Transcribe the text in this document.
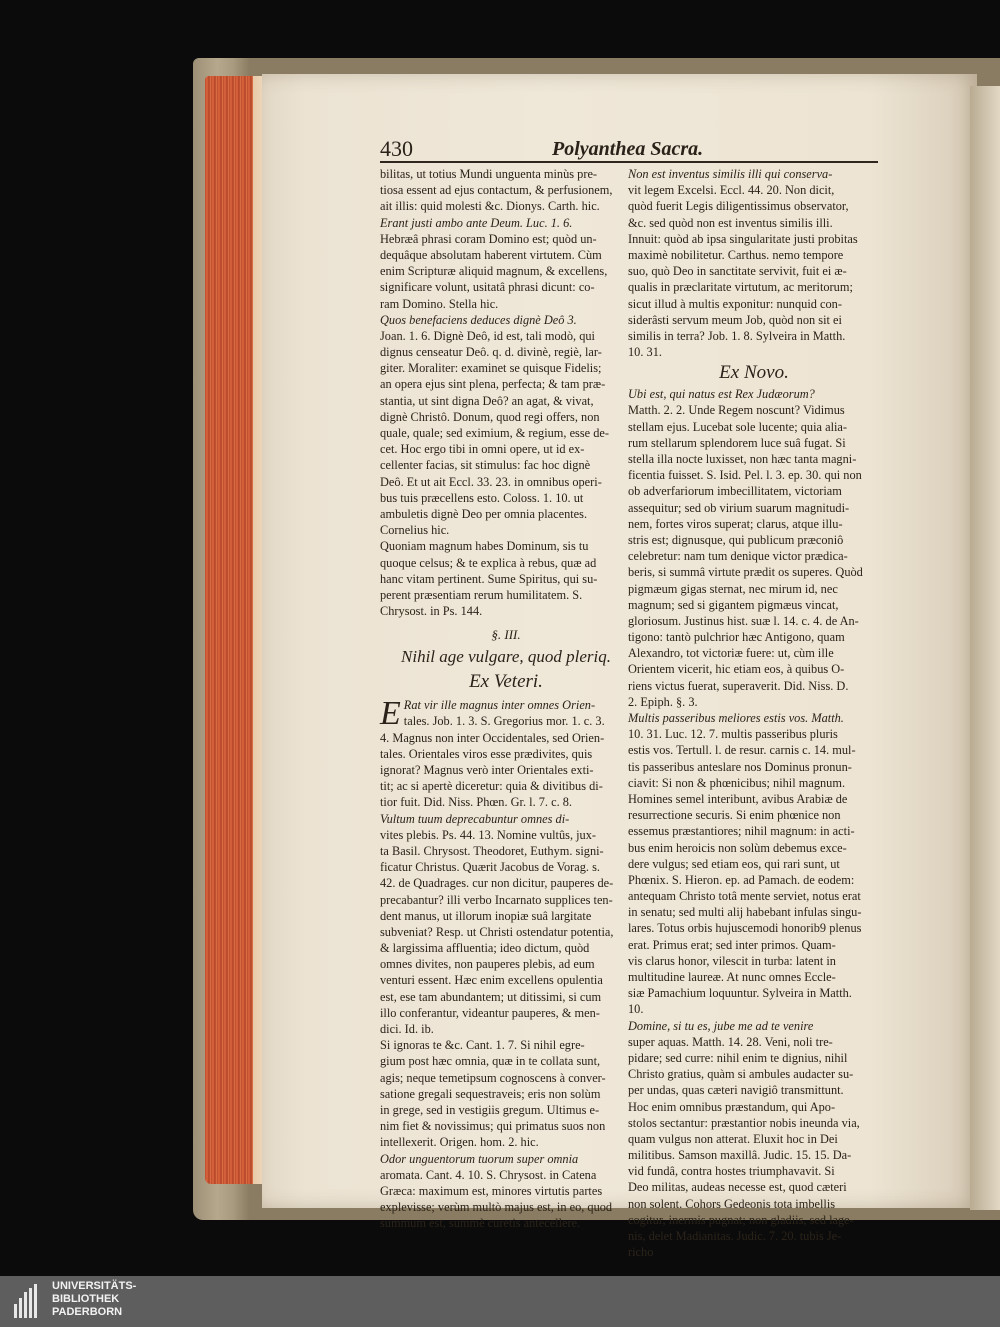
430	Polyanthea Sacra.
bilitas, ut totius Mundi unguenta minùs pre-
tiosa essent ad ejus contactum, & perfusionem,
ait illis: quid molesti &c. Dionys. Carth. hic.
Erant justi ambo ante Deum. Luc. 1. 6.
Hebræâ phrasi coram Domino est; quòd un-
dequâque absolutam haberent virtutem. Cùm
enim Scripturæ aliquid magnum, & excellens,
significare volunt, usitatâ phrasi dicunt: co-
ram Domino. Stella hic.
Quos benefaciens deduces dignè Deô 3.
Joan. 1. 6. Dignè Deô, id est, tali modò, qui
dignus censeatur Deô. q. d. divinè, regiè, lar-
giter. Moraliter: examinet se quisque Fidelis;
an opera ejus sint plena, perfecta; & tam præ-
stantia, ut sint digna Deô? an agat, & vivat,
dignè Christô. Donum, quod regi offers, non
quale, quale; sed eximium, & regium, esse de-
cet. Hoc ergo tibi in omni opere, ut id ex-
cellenter facias, sit stimulus: fac hoc dignè
Deô. Et ut ait Eccl. 33. 23. in omnibus operi-
bus tuis præcellens esto. Coloss. 1. 10. ut
ambuletis dignè Deo per omnia placentes.
Cornelius hic.
Quoniam magnum habes Dominum, sis tu
quoque celsus; & te explica à rebus, quæ ad
hanc vitam pertinent. Sume Spiritus, qui su-
perent præsentiam rerum humilitatem. S.
Chrysost. in Ps. 144.
§. III.
Nihil age vulgare, quod pleriq.
Ex Veteri.
E Rat vir ille magnus inter omnes Orien-
tales. Job. 1. 3. S. Gregorius mor. 1. c. 3.
4. Magnus non inter Occidentales, sed Orien-
tales. Orientales viros esse prædivites, quis
ignorat? Magnus verò inter Orientales exti-
tit; ac si apertè diceretur: quia & divitibus di-
tior fuit. Did. Niss. Phœn. Gr. l. 7. c. 8.
Vultum tuum deprecabuntur omnes di-
vites plebis. Ps. 44. 13. Nomine vultûs, jux-
ta Basil. Chrysost. Theodoret, Euthym. signi-
ficatur Christus. Quærit Jacobus de Vorag. s.
42. de Quadrages. cur non dicitur, pauperes de-
precabantur? illi verbo Incarnato supplices ten-
dent manus, ut illorum inopiæ suâ largitate
subveniat? Resp. ut Christi ostendatur potentia,
& largissima affluentia; ideo dictum, quòd
omnes divites, non pauperes plebis, ad eum
venturi essent. Hæc enim excellens opulentia
est, ese tam abundantem; ut ditissimi, si cum
illo conferantur, videantur pauperes, & men-
dici. Id. ib.
Si ignoras te &c. Cant. 1. 7. Si nihil egre-
gium post hæc omnia, quæ in te collata sunt,
agis; neque temetipsum cognoscens à conver-
satione gregali sequestraveis; eris non solùm
in grege, sed in vestigiis gregum. Ultimus e-
nim fiet & novissimus; qui primatus suos non
intellexerit. Origen. hom. 2. hic.
Odor unguentorum tuorum super omnia
aromata. Cant. 4. 10. S. Chrysost. in Catena
Græca: maximum est, minores virtutis partes
explevisse; verùm multò majus est, in eo, quod
summum est, summè curetis antecellere.
Non est inventus similis illi qui conserva-
vit legem Excelsi. Eccl. 44. 20. Non dicit,
quòd fuerit Legis diligentissimus observator,
&c. sed quòd non est inventus similis illi.
Innuit: quòd ab ipsa singularitate justi probitas
maximè nobilitetur. Carthus. nemo tempore
suo, quò Deo in sanctitate servivit, fuit ei æ-
qualis in præclaritate virtutum, ac meritorum;
sicut illud à multis exponitur: nunquid con-
siderâsti servum meum Job, quòd non sit ei
similis in terra? Job. 1. 8. Sylveira in Matth.
10. 31.
Ex Novo.
Ubi est, qui natus est Rex Judæorum?
Matth. 2. 2. Unde Regem noscunt? Vidimus
stellam ejus. Lucebat sole lucente; quia alia-
rum stellarum splendorem luce suâ fugat. Si
stella illa nocte luxisset, non hæc tanta magni-
ficentia fuisset. S. Isid. Pel. l. 3. ep. 30. qui non
ob adverfariorum imbecillitatem, victoriam
assequitur; sed ob virium suarum magnitudi-
nem, fortes viros superat; clarus, atque illu-
stris est; dignusque, qui publicum præconiô
celebretur: nam tum denique victor prædica-
beris, si summâ virtute prædit os superes. Quòd
pigmæum gigas sternat, nec mirum id, nec
magnum; sed si gigantem pigmæus vincat,
gloriosum. Justinus hist. suæ l. 14. c. 4. de An-
tigono: tantò pulchrior hæc Antigono, quam
Alexandro, tot victoriæ fuere: ut, cùm ille
Orientem vicerit, hic etiam eos, à quibus O-
riens victus fuerat, superaverit. Did. Niss. D.
2. Epiph. §. 3.
Multis passeribus meliores estis vos. Matth.
10. 31. Luc. 12. 7. multis passeribus pluris
estis vos. Tertull. l. de resur. carnis c. 14. mul-
tis passeribus anteslare nos Dominus pronun-
ciavit: Si non & phœnicibus; nihil magnum.
Homines semel interibunt, avibus Arabiæ de
resurrectione securis. Si enim phœnice non
essemus præstantiores; nihil magnum: in acti-
bus enim heroicis non solùm debemus exce-
dere vulgus; sed etiam eos, qui rari sunt, ut
Phœnix. S. Hieron. ep. ad Pamach. de eodem:
antequam Christo totâ mente serviet, notus erat
in senatu; sed multi alij habebant infulas singu-
lares. Totus orbis hujuscemodi honorib9 plenus
erat. Primus erat; sed inter primos. Quam-
vis clarus honor, vilescit in turba: latent in
multitudine laureæ. At nunc omnes Eccle-
siæ Pamachium loquuntur. Sylveira in Matth.
10.
Domine, si tu es, jube me ad te venire
super aquas. Matth. 14. 28. Veni, noli tre-
pidare; sed curre: nihil enim te dignius, nihil
Christo gratius, quàm si ambules audacter su-
per undas, quas cæteri navigiô transmittunt.
Hoc enim omnibus præstandum, qui Apo-
stolos sectantur: præstantior nobis ineunda via,
quam vulgus non atterat. Eluxit hoc in Dei
militibus. Samson maxillâ. Judic. 15. 15. Da-
vid fundâ, contra hostes triumphavavit. Si
Deo militas, audeas necesse est, quod cæteri
non solent. Cohors Gedeonis tota imbellis
cogitur, inermis pugnat; non gladiis, sed lage-
nis, delet Madianitas. Judic. 7. 20. tubis Je-
richo
UNIVERSITÄTS-
BIBLIOTHEK
PADERBORN
